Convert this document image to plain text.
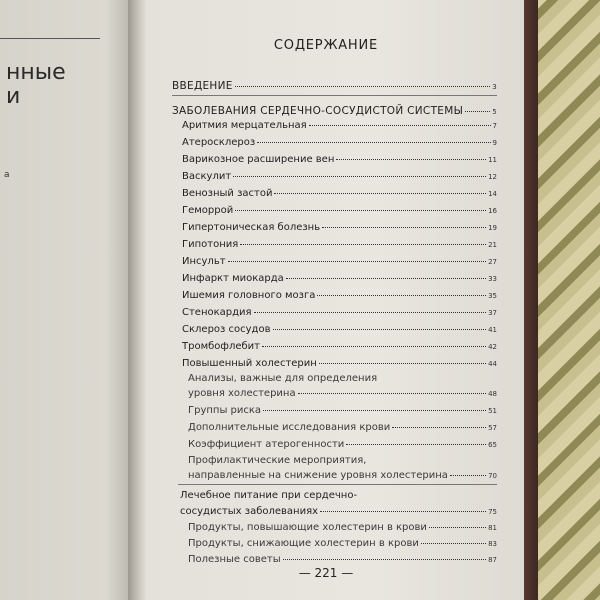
нные
и
а
СОДЕРЖАНИЕ
ВВЕДЕНИЕ	3
ЗАБОЛЕВАНИЯ СЕРДЕЧНО-СОСУДИСТОЙ СИСТЕМЫ	5
Аритмия мерцательная	7
Атеросклероз	9
Варикозное расширение вен	11
Васкулит	12
Венозный застой	14
Геморрой	16
Гипертоническая болезнь	19
Гипотония	21
Инсульт	27
Инфаркт миокарда	33
Ишемия головного мозга	35
Стенокардия	37
Склероз сосудов	41
Тромбофлебит	42
Повышенный холестерин	44
Анализы, важные для определения
уровня холестерина	48
Группы риска	51
Дополнительные исследования крови	57
Коэффициент атерогенности	65
Профилактические мероприятия,
направленные на снижение уровня холестерина	70
Лечебное питание при сердечно-
сосудистых заболеваниях	75
Продукты, повышающие холестерин в крови	81
Продукты, снижающие холестерин в крови	83
Полезные советы	87
— 221 —
